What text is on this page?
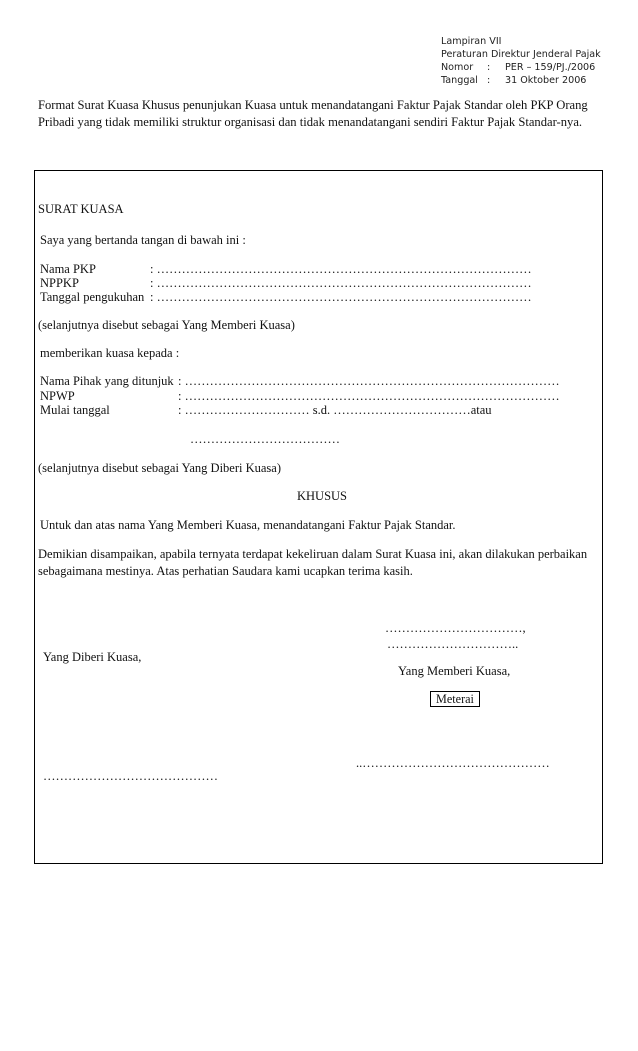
Lampiran VII
Peraturan Direktur Jenderal Pajak
Nomor : PER – 159/PJ./2006
Tanggal : 31 Oktober 2006
Format Surat Kuasa Khusus penunjukan Kuasa untuk menandatangani Faktur Pajak Standar oleh PKP Orang Pribadi yang tidak memiliki struktur organisasi dan tidak menandatangani sendiri Faktur Pajak Standar-nya.
SURAT KUASA
Saya yang bertanda tangan di bawah ini :
Nama PKP	: ………………………………………………………………………………
NPPKP	: ………………………………………………………………………………
Tanggal pengukuhan : ………………………………………………………………………………
(selanjutnya disebut sebagai Yang Memberi Kuasa)
memberikan kuasa kepada :
Nama Pihak yang ditunjuk : ………………………………………………………………………………
NPWP	: ………………………………………………………………………………
Mulai tanggal	: ………………………… s.d. ……………………………atau
………………………………
(selanjutnya disebut sebagai Yang Diberi Kuasa)
KHUSUS
Untuk dan atas nama Yang Memberi Kuasa, menandatangani Faktur Pajak Standar.
Demikian disampaikan, apabila ternyata terdapat kekeliruan dalam Surat Kuasa ini, akan dilakukan perbaikan sebagaimana mestinya. Atas perhatian Saudara kami ucapkan terima kasih.
……………………………,
…………………………..
Yang Diberi Kuasa,
Yang Memberi Kuasa,
Meterai
..………………………………………
……………………………………
